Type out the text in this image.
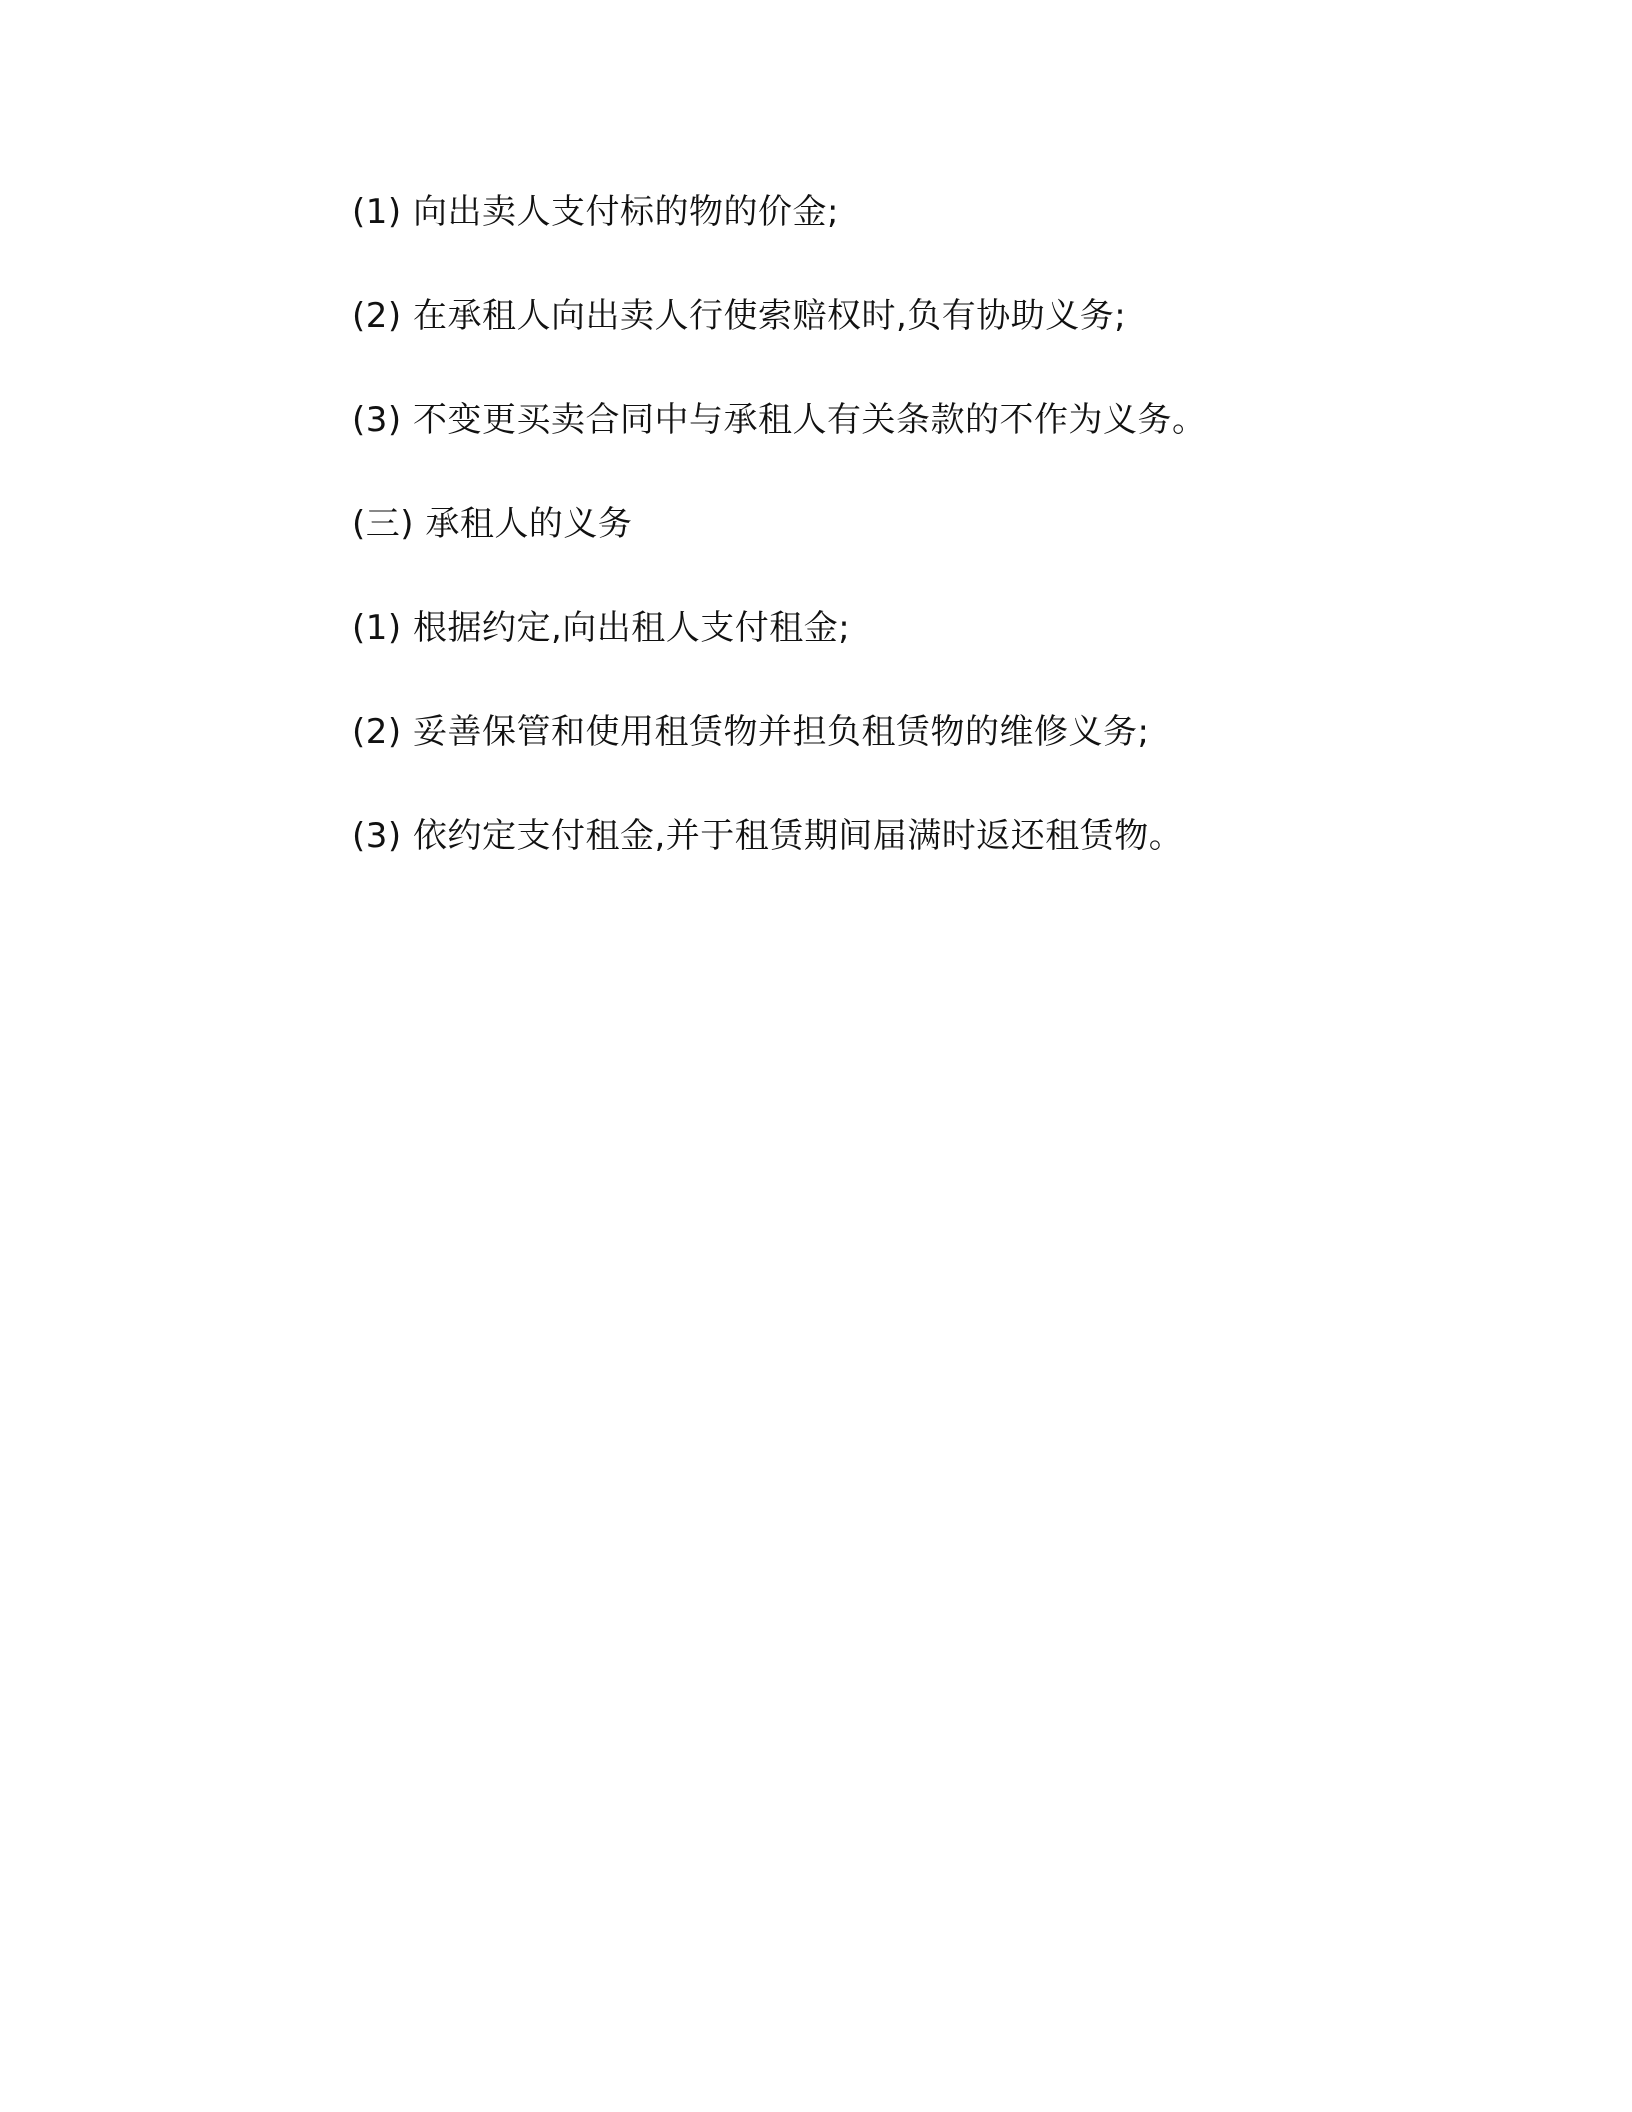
(1) 向出卖人支付标的物的价金;

(2) 在承租人向出卖人行使索赔权时,负有协助义务;

(3) 不变更买卖合同中与承租人有关条款的不作为义务。

(三) 承租人的义务

(1) 根据约定,向出租人支付租金;

(2) 妥善保管和使用租赁物并担负租赁物的维修义务;

(3) 依约定支付租金,并于租赁期间届满时返还租赁物。
